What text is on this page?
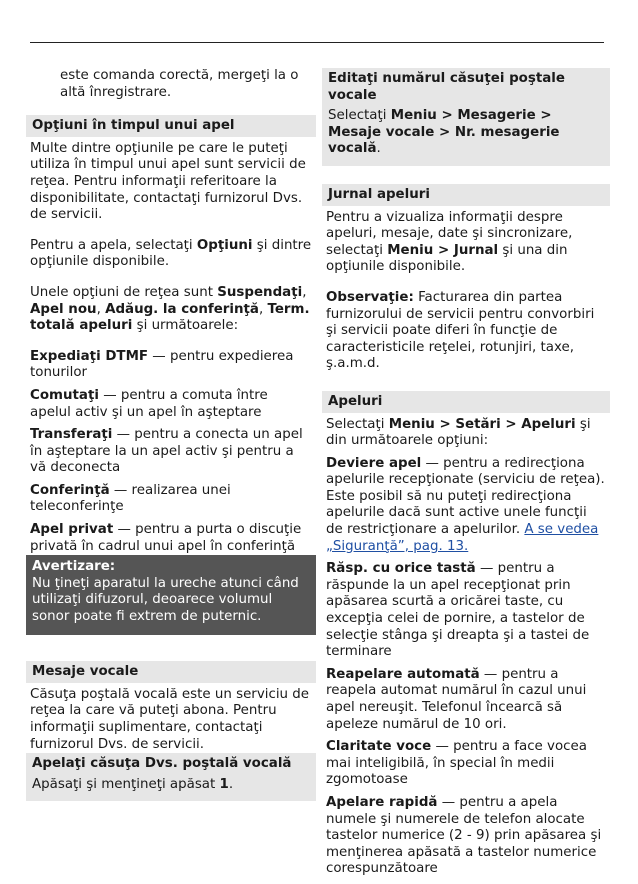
este comanda corectă, mergeţi la o altă înregistrare.

Opţiuni în timpul unui apel

Multe dintre opţiunile pe care le puteţi utiliza în timpul unui apel sunt servicii de reţea. Pentru informaţii referitoare la disponibilitate, contactaţi furnizorul Dvs. de servicii.

Pentru a apela, selectaţi Opţiuni şi dintre opţiunile disponibile.

Unele opţiuni de reţea sunt Suspendaţi, Apel nou, Adăug. la conferinţă, Term. totală apeluri şi următoarele:

Expediaţi DTMF — pentru expedierea tonurilor

Comutaţi — pentru a comuta între apelul activ şi un apel în aşteptare

Transferaţi — pentru a conecta un apel în aşteptare la un apel activ şi pentru a vă deconecta

Conferinţă — realizarea unei teleconferinţe

Apel privat — pentru a purta o discuţie privată în cadrul unui apel în conferinţă

Avertizare:
Nu ţineţi aparatul la ureche atunci când utilizaţi difuzorul, deoarece volumul sonor poate fi extrem de puternic.
Mesaje vocale

Căsuţa poştală vocală este un serviciu de reţea la care vă puteţi abona. Pentru informaţii suplimentare, contactaţi furnizorul Dvs. de servicii.

Apelaţi căsuţa Dvs. poştală vocală

Apăsaţi şi menţineţi apăsat 1.

Editaţi numărul căsuţei poştale vocale

Selectaţi Meniu > Mesagerie > Mesaje vocale > Nr. mesagerie vocală.

Jurnal apeluri

Pentru a vizualiza informaţii despre apeluri, mesaje, date şi sincronizare, selectaţi Meniu > Jurnal şi una din opţiunile disponibile.

Observaţie: Facturarea din partea furnizorului de servicii pentru convorbiri şi servicii poate diferi în funcţie de caracteristicile reţelei, rotunjiri, taxe, ş.a.m.d.

Apeluri

Selectaţi Meniu > Setări > Apeluri şi din următoarele opţiuni:

Deviere apel — pentru a redirecţiona apelurile recepţionate (serviciu de reţea). Este posibil să nu puteţi redirecţiona apelurile dacă sunt active unele funcţii de restricţionare a apelurilor. A se vedea „Siguranţă”, pag. 13.

Răsp. cu orice tastă — pentru a răspunde la un apel recepţionat prin apăsarea scurtă a oricărei taste, cu excepţia celei de pornire, a tastelor de selecţie stânga şi dreapta şi a tastei de terminare

Reapelare automată — pentru a reapela automat numărul în cazul unui apel nereuşit. Telefonul încearcă să apeleze numărul de 10 ori.

Claritate voce — pentru a face vocea mai inteligibilă, în special în medii zgomotoase

Apelare rapidă — pentru a apela numele şi numerele de telefon alocate tastelor numerice (2 - 9) prin apăsarea şi menţinerea apăsată a tastelor numerice corespunzătoare
